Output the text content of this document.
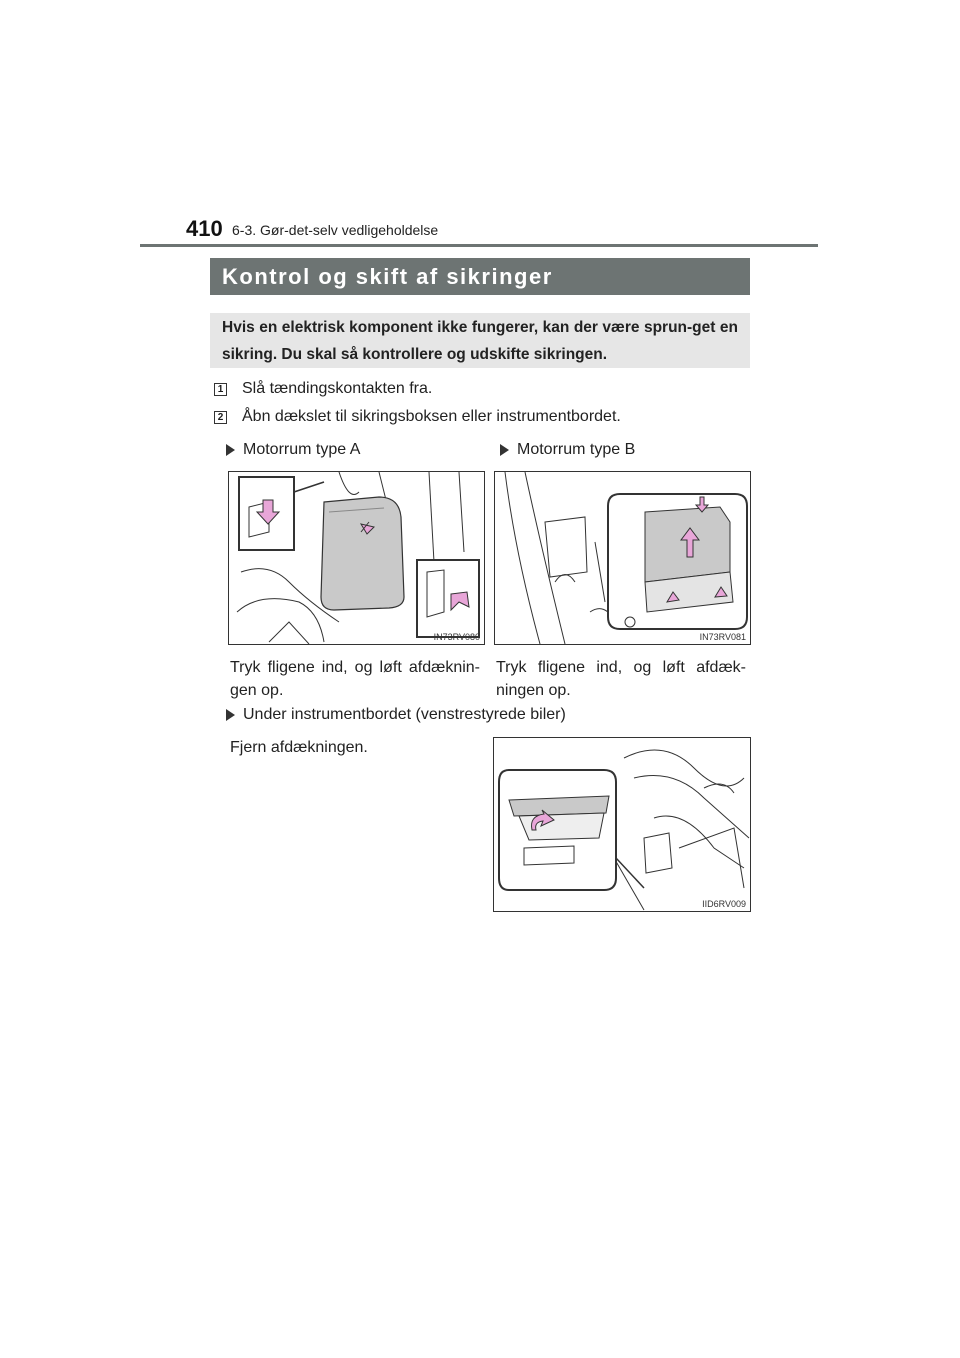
410 6-3. Gør-det-selv vedligeholdelse
Kontrol og skift af sikringer
Hvis en elektrisk komponent ikke fungerer, kan der være sprun-get en sikring. Du skal så kontrollere og udskifte sikringen.
1 Slå tændingskontakten fra.
2 Åbn dækslet til sikringsboksen eller instrumentbordet.
Motorrum type A
IN73RV080
Motorrum type B
IN73RV081
Tryk fligene ind, og løft afdæknin-
gen op.
Tryk fligene ind, og løft afdæk-
ningen op.
Under instrumentbordet (venstrestyrede biler)
Fjern afdækningen.
IID6RV009
